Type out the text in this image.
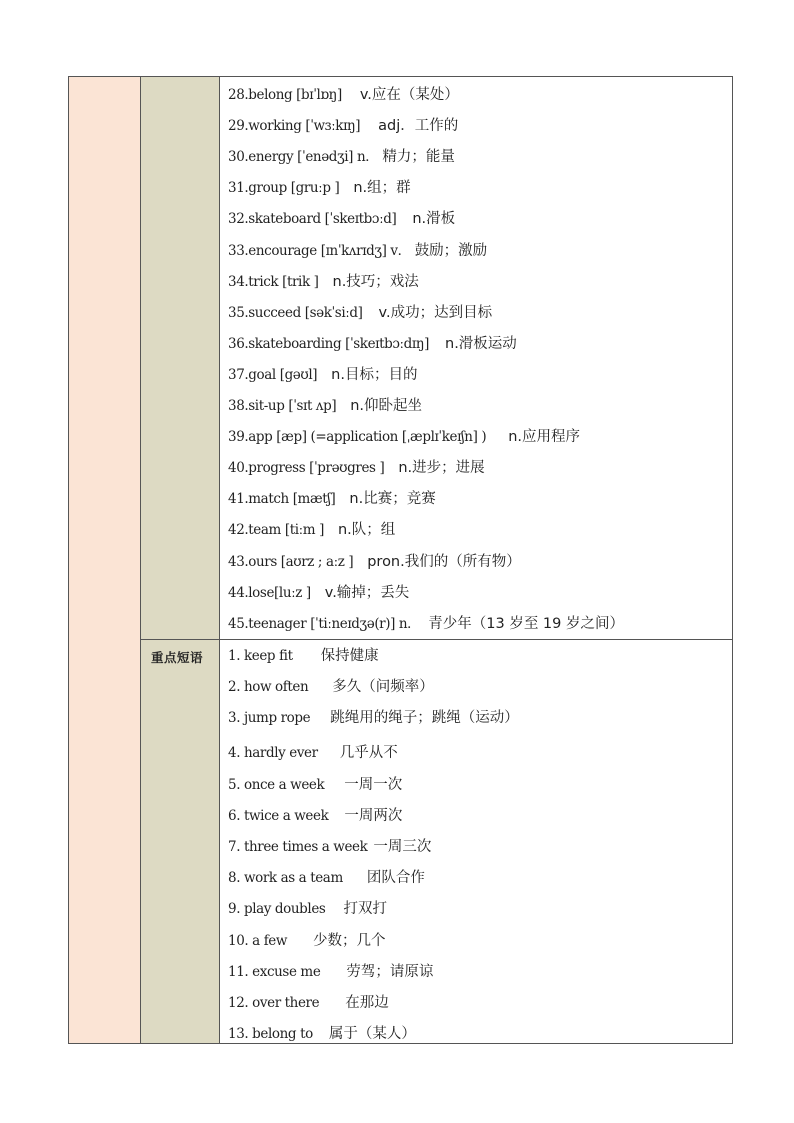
重点短语
28.belong [bɪˈlɒŋ] v.应在（某处）
29.working [ˈwɜːkɪŋ] adj．工作的
30.energy [ˈenədʒi] n． 精力；能量
31.group [gruːp ] n.组；群
32.skateboard [ˈskeɪtbɔːd] n.滑板
33.encourage [ɪnˈkʌrɪdʒ] v． 鼓励；激励
34.trick [trik ] n.技巧；戏法
35.succeed [səkˈsiːd] v.成功；达到目标
36.skateboarding [ˈskeɪtbɔːdɪŋ] n.滑板运动
37.goal [gəʊl] n.目标；目的
38.sit-up [ˈsɪt ʌp] n.仰卧起坐
39.app [æp] (=application [ˌæplɪˈkeɪʃn] ) n.应用程序
40.progress [ˈprəʊgres ] n.进步；进展
41.match [mætʃ] n.比赛；竞赛
42.team [tiːm ] n.队；组
43.ours [aʊrz ; aːz ] pron.我们的（所有物）
44.lose[luːz ] v.输掉；丢失
45.teenager [ˈtiːneɪdʒə(r)] n． 青少年（13 岁至 19 岁之间）
1. keep fit 保持健康
2. how often 多久（问频率）
3. jump rope 跳绳用的绳子；跳绳（运动）
4. hardly ever 几乎从不
5. once a week 一周一次
6. twice a week 一周两次
7. three times a week 一周三次
8. work as a team 团队合作
9. play doubles 打双打
10. a few 少数；几个
11. excuse me 劳驾；请原谅
12. over there 在那边
13. belong to 属于（某人）
